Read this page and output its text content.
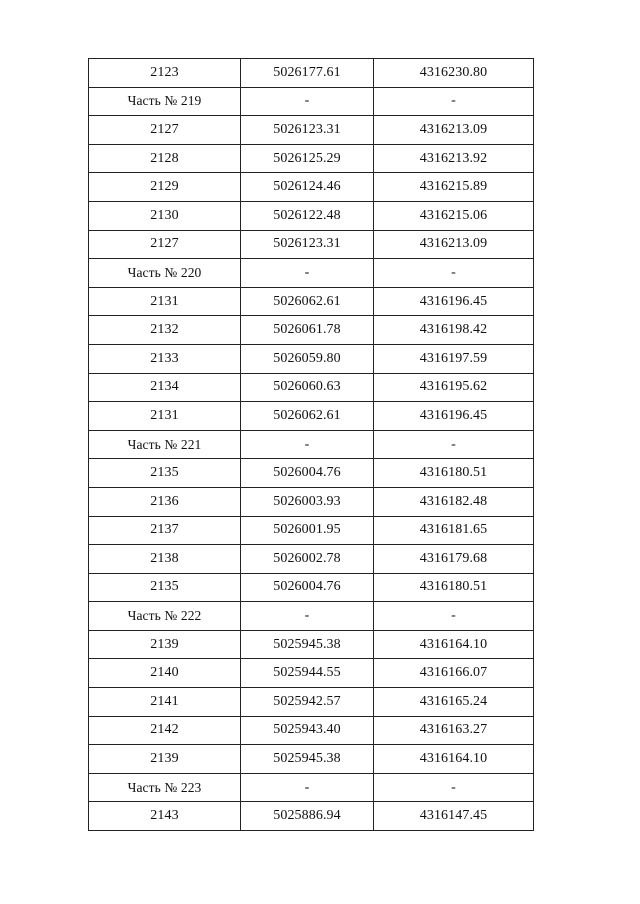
2123	5026177.61	4316230.80
Часть № 219	-	-
2127	5026123.31	4316213.09
2128	5026125.29	4316213.92
2129	5026124.46	4316215.89
2130	5026122.48	4316215.06
2127	5026123.31	4316213.09
Часть № 220	-	-
2131	5026062.61	4316196.45
2132	5026061.78	4316198.42
2133	5026059.80	4316197.59
2134	5026060.63	4316195.62
2131	5026062.61	4316196.45
Часть № 221	-	-
2135	5026004.76	4316180.51
2136	5026003.93	4316182.48
2137	5026001.95	4316181.65
2138	5026002.78	4316179.68
2135	5026004.76	4316180.51
Часть № 222	-	-
2139	5025945.38	4316164.10
2140	5025944.55	4316166.07
2141	5025942.57	4316165.24
2142	5025943.40	4316163.27
2139	5025945.38	4316164.10
Часть № 223	-	-
2143	5025886.94	4316147.45
